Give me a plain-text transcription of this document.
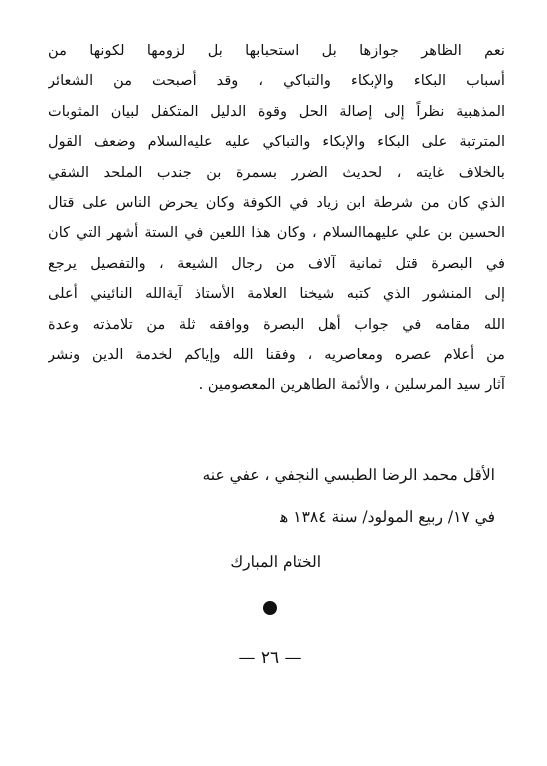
نعم الظاهر جوازها بل استحبابها بل لزومها لكونها من
أسباب البكاء والإبكاء والتباكي ، وقد أصبحت من الشعائر
المذهبية نظراً إلى إصالة الحل وقوة الدليل المتكفل لبيان المثوبات
المترتبة على البكاء والإبكاء والتباكي عليه عليه‌السلام وضعف القول
بالخلاف غايته ، لحديث الضرر بسمرة بن جندب الملحد الشقي
الذي كان من شرطة ابن زياد في الكوفة وكان يحرض الناس على قتال
الحسين بن علي عليهما‌السلام ، وكان هذا اللعين في الستة أشهر التي كان
في البصرة قتل ثمانية آلاف من رجال الشيعة ، والتفصيل يرجع
إلى المنشور الذي كتبه شيخنا العلامة الأستاذ آية‌الله النائيني أعلى
الله مقامه في جواب أهل البصرة ووافقه ثلة من تلامذته وعدة
من أعلام عصره ومعاصريه ، وفقنا الله وإياكم لخدمة الدين ونشر
آثار سيد المرسلين ، والأئمة الطاهرين المعصومين .
الأقل محمد الرضا الطبسي النجفي ، عفي عنه
في ١٧/ ربيع المولود/ سنة ١٣٨٤ ﻫ
الختام المبارك
— ٢٦ —
